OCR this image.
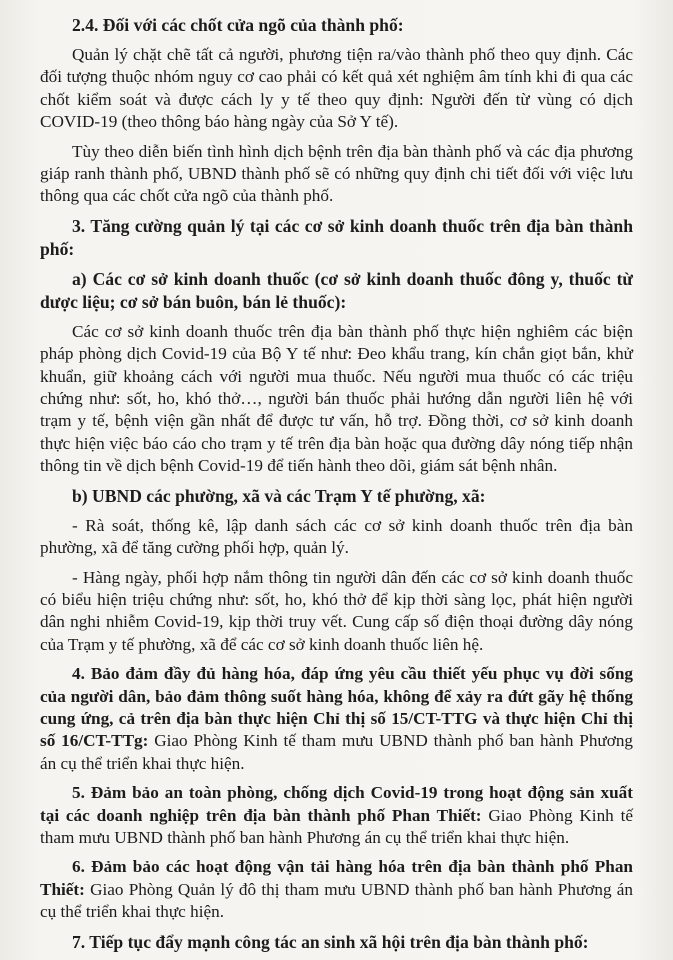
2.4. Đối với các chốt cửa ngõ của thành phố:

Quản lý chặt chẽ tất cả người, phương tiện ra/vào thành phố theo quy định. Các đối tượng thuộc nhóm nguy cơ cao phải có kết quả xét nghiệm âm tính khi đi qua các chốt kiểm soát và được cách ly y tế theo quy định: Người đến từ vùng có dịch COVID-19 (theo thông báo hàng ngày của Sở Y tế).

Tùy theo diễn biến tình hình dịch bệnh trên địa bàn thành phố và các địa phương giáp ranh thành phố, UBND thành phố sẽ có những quy định chi tiết đối với việc lưu thông qua các chốt cửa ngõ của thành phố.

3. Tăng cường quản lý tại các cơ sở kinh doanh thuốc trên địa bàn thành phố:

a) Các cơ sở kinh doanh thuốc (cơ sở kinh doanh thuốc đông y, thuốc từ dược liệu; cơ sở bán buôn, bán lẻ thuốc):

Các cơ sở kinh doanh thuốc trên địa bàn thành phố thực hiện nghiêm các biện pháp phòng dịch Covid-19 của Bộ Y tế như: Đeo khẩu trang, kín chắn giọt bắn, khử khuẩn, giữ khoảng cách với người mua thuốc. Nếu người mua thuốc có các triệu chứng như: sốt, ho, khó thở…, người bán thuốc phải hướng dẫn người liên hệ với trạm y tế, bệnh viện gần nhất để được tư vấn, hỗ trợ. Đồng thời, cơ sở kinh doanh thực hiện việc báo cáo cho trạm y tế trên địa bàn hoặc qua đường dây nóng tiếp nhận thông tin về dịch bệnh Covid-19 để tiến hành theo dõi, giám sát bệnh nhân.

b) UBND các phường, xã và các Trạm Y tế phường, xã:

- Rà soát, thống kê, lập danh sách các cơ sở kinh doanh thuốc trên địa bàn phường, xã để tăng cường phối hợp, quản lý.

- Hàng ngày, phối hợp nắm thông tin người dân đến các cơ sở kinh doanh thuốc có biểu hiện triệu chứng như: sốt, ho, khó thở để kịp thời sàng lọc, phát hiện người dân nghi nhiễm Covid-19, kịp thời truy vết. Cung cấp số điện thoại đường dây nóng của Trạm y tế phường, xã để các cơ sở kinh doanh thuốc liên hệ.

4. Bảo đảm đầy đủ hàng hóa, đáp ứng yêu cầu thiết yếu phục vụ đời sống của người dân, bảo đảm thông suốt hàng hóa, không để xảy ra đứt gãy hệ thống cung ứng, cả trên địa bàn thực hiện Chỉ thị số 15/CT-TTG và thực hiện Chỉ thị số 16/CT-TTg: Giao Phòng Kinh tế tham mưu UBND thành phố ban hành Phương án cụ thể triển khai thực hiện.

5. Đảm bảo an toàn phòng, chống dịch Covid-19 trong hoạt động sản xuất tại các doanh nghiệp trên địa bàn thành phố Phan Thiết: Giao Phòng Kinh tế tham mưu UBND thành phố ban hành Phương án cụ thể triển khai thực hiện.

6. Đảm bảo các hoạt động vận tải hàng hóa trên địa bàn thành phố Phan Thiết: Giao Phòng Quản lý đô thị tham mưu UBND thành phố ban hành Phương án cụ thể triển khai thực hiện.

7. Tiếp tục đẩy mạnh công tác an sinh xã hội trên địa bàn thành phố:
